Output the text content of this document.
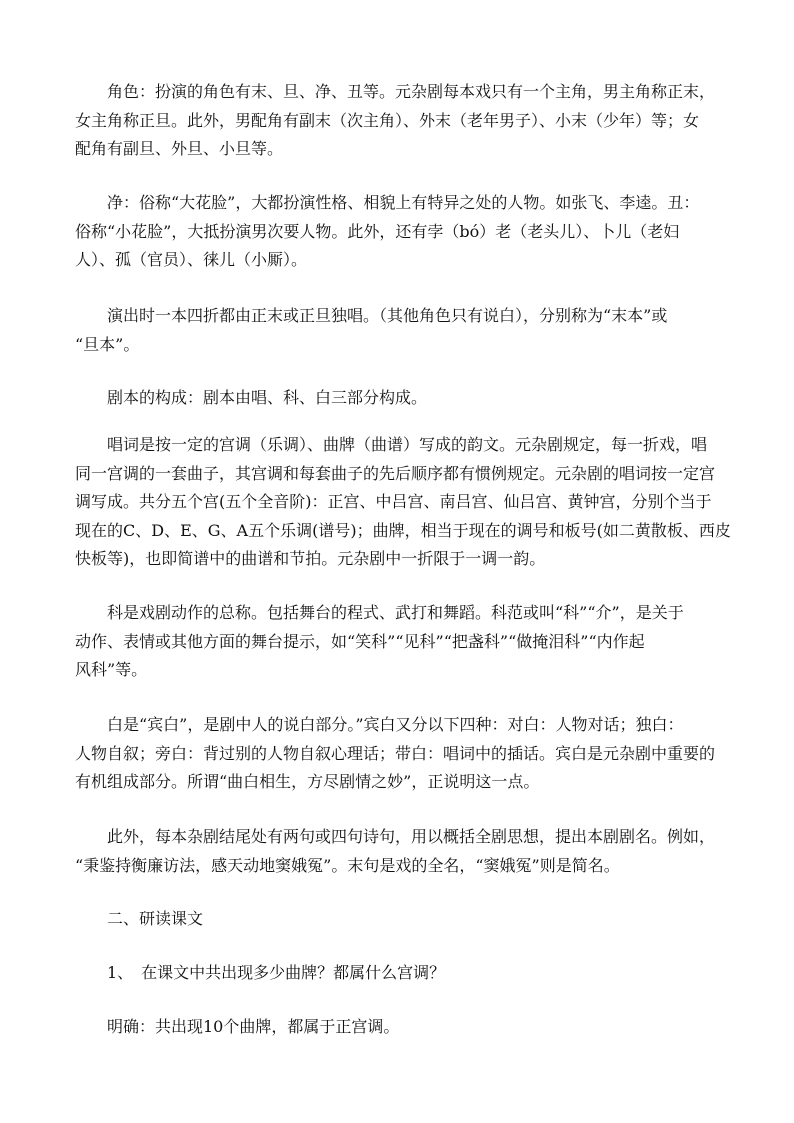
　　角色：扮演的角色有末、旦、净、丑等。元杂剧每本戏只有一个主角，男主角称正末，
女主角称正旦。此外，男配角有副末（次主角）、外末（老年男子）、小末（少年）等；女
配角有副旦、外旦、小旦等。
　　净：俗称“大花脸”，大都扮演性格、相貌上有特异之处的人物。如张飞、李逵。丑：
俗称“小花脸”，大抵扮演男次要人物。此外，还有孛（bó）老（老头儿）、卜儿（老妇
人）、孤（官员）、徕儿（小厮）。
　　演出时一本四折都由正末或正旦独唱。（其他角色只有说白），分别称为“末本”或
“旦本”。
　　剧本的构成：剧本由唱、科、白三部分构成。
　　唱词是按一定的宫调（乐调）、曲牌（曲谱）写成的韵文。元杂剧规定，每一折戏，唱
同一宫调的一套曲子，其宫调和每套曲子的先后顺序都有惯例规定。元杂剧的唱词按一定宫
调写成。共分五个宫(五个全音阶)：正宫、中吕宫、南吕宫、仙吕宫、黄钟宫，分别个当于
现在的C、D、E、G、A五个乐调(谱号)；曲牌，相当于现在的调号和板号(如二黄散板、西皮
快板等)，也即简谱中的曲谱和节拍。元杂剧中一折限于一调一韵。
　　科是戏剧动作的总称。包括舞台的程式、武打和舞蹈。科范或叫“科”“介”，是关于
动作、表情或其他方面的舞台提示，如“笑科”“见科”“把盏科”“做掩泪科”“内作起
风科”等。
　　白是“宾白”，是剧中人的说白部分。”宾白又分以下四种：对白：人物对话；独白：
人物自叙；旁白：背过别的人物自叙心理话；带白：唱词中的插话。宾白是元杂剧中重要的
有机组成部分。所谓“曲白相生，方尽剧情之妙”，正说明这一点。
　　此外，每本杂剧结尾处有两句或四句诗句，用以概括全剧思想，提出本剧剧名。例如，
“秉鉴持衡廉访法，感天动地窦娥冤”。末句是戏的全名，“窦娥冤”则是简名。
　　二、研读课文
　　1、　在课文中共出现多少曲牌？都属什么宫调？
　　明确：共出现10个曲牌，都属于正宫调。
